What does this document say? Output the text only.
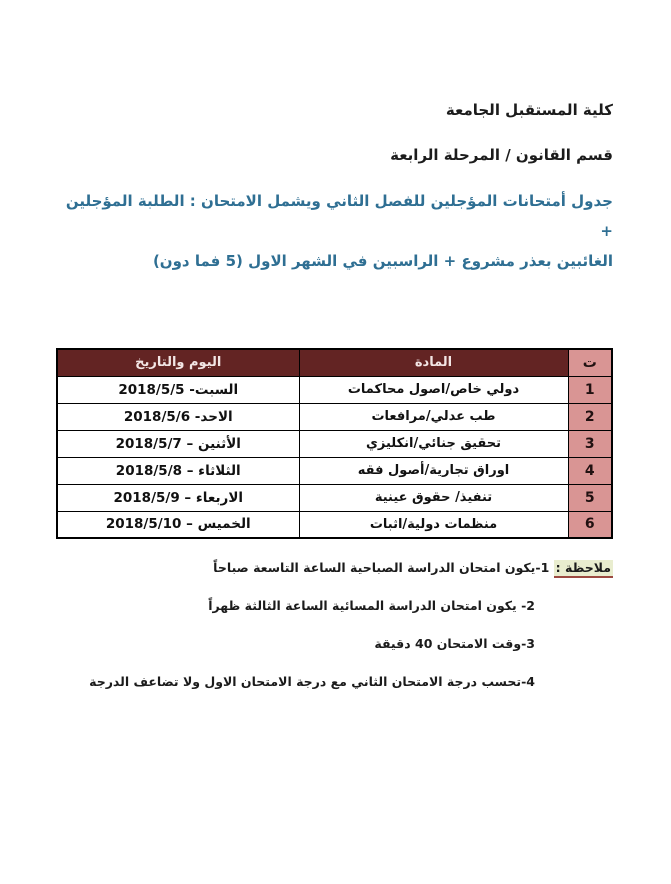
كلية المستقبل الجامعة
قسم القانون / المرحلة الرابعة
جدول أمتحانات المؤجلين للفصل الثاني ويشمل الامتحان : الطلبة المؤجلين +
الغائبين بعذر مشروع + الراسبين في الشهر الاول (5 فما دون)
ت	المادة	اليوم والتاريخ
1	دولي خاص/اصول محاكمات	السبت- 2018/5/5
2	طب عدلي/مرافعات	الاحد- 2018/5/6
3	تحقيق جنائي/انكليزي	الأثنين – 2018/5/7
4	اوراق تجارية/أصول فقه	الثلاثاء – 2018/5/8
5	تنفيذ/ حقوق عينية	الاربعاء – 2018/5/9
6	منظمات دولية/اثبات	الخميس – 2018/5/10
ملاحظة : 1-يكون امتحان الدراسة الصباحية الساعة التاسعة صباحاً
2- يكون امتحان الدراسة المسائية الساعة الثالثة ظهراً
3-وقت الامتحان 40 دقيقة
4-تحسب درجة الامتحان الثاني مع درجة الامتحان الاول ولا تضاعف الدرجة
